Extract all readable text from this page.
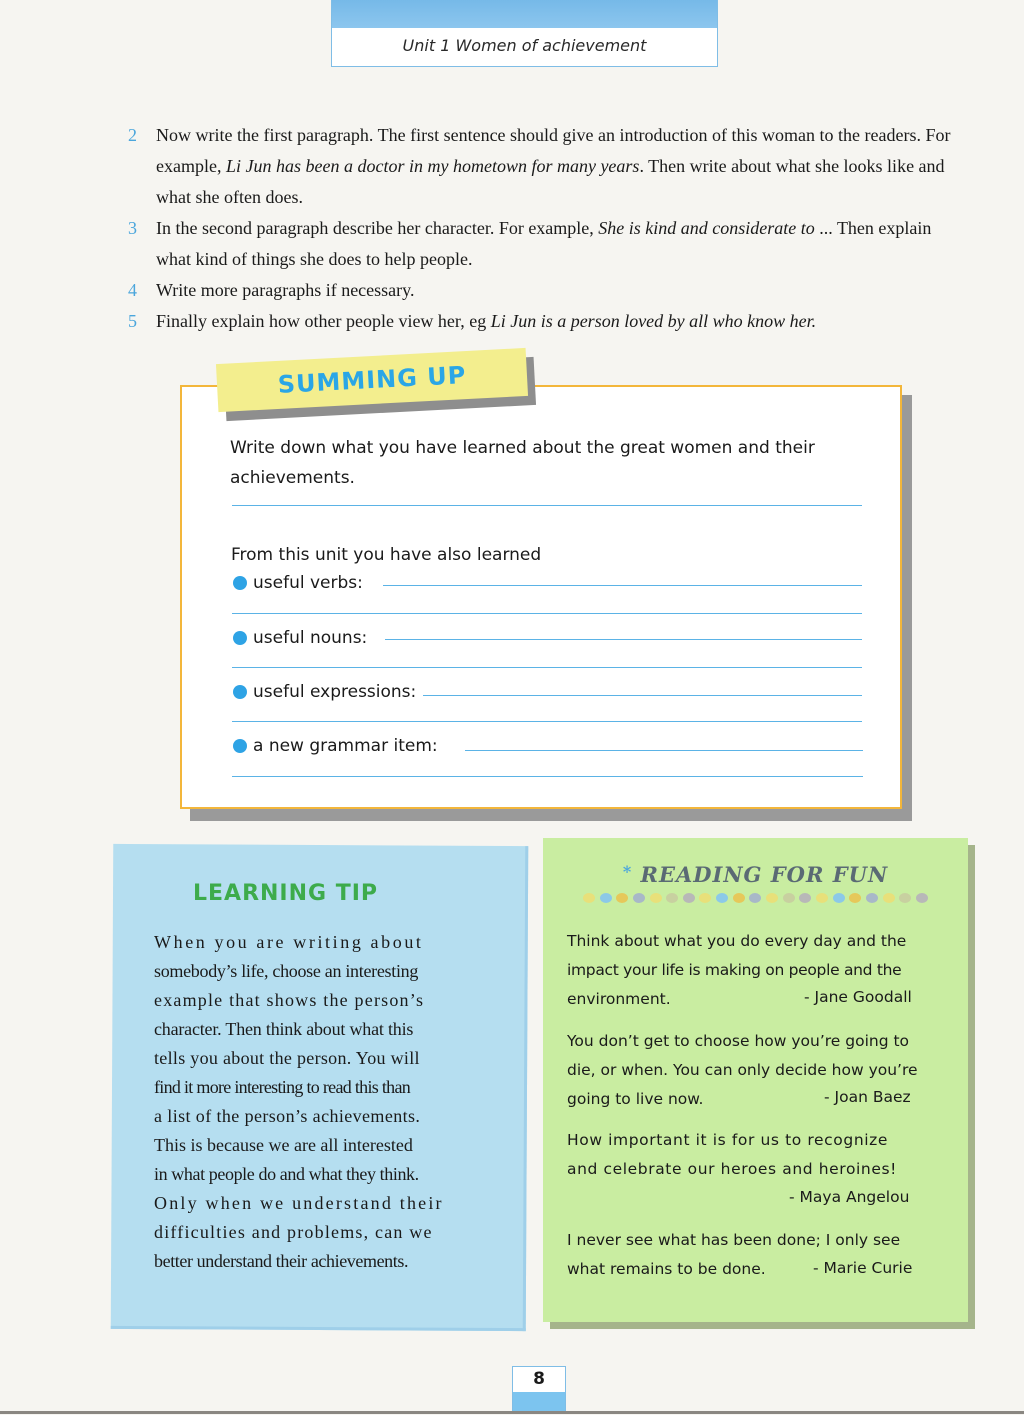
Unit 1 Women of achievement
2 Now write the first paragraph. The first sentence should give an introduction of this woman to the readers. For example, Li Jun has been a doctor in my hometown for many years. Then write about what she looks like and what she often does.
3 In the second paragraph describe her character. For example, She is kind and considerate to ... Then explain what kind of things she does to help people.
4 Write more paragraphs if necessary.
5 Finally explain how other people view her, eg Li Jun is a person loved by all who know her.
SUMMING UP
Write down what you have learned about the great women and their achievements.
From this unit you have also learned
useful verbs:
useful nouns:
useful expressions:
a new grammar item:
LEARNING TIP
When you are writing about
somebody’s life, choose an interesting
example that shows the person’s
character. Then think about what this
tells you about the person. You will
find it more interesting to read this than
a list of the person’s achievements.
This is because we are all interested
in what people do and what they think.
Only when we understand their
difficulties and problems, can we
better understand their achievements.
* READING FOR FUN
Think about what you do every day and the
impact your life is making on people and the
environment.	- Jane Goodall
You don’t get to choose how you’re going to
die, or when. You can only decide how you’re
going to live now.	- Joan Baez
How important it is for us to recognize
and celebrate our heroes and heroines!
- Maya Angelou
I never see what has been done; I only see
what remains to be done.	- Marie Curie
8
